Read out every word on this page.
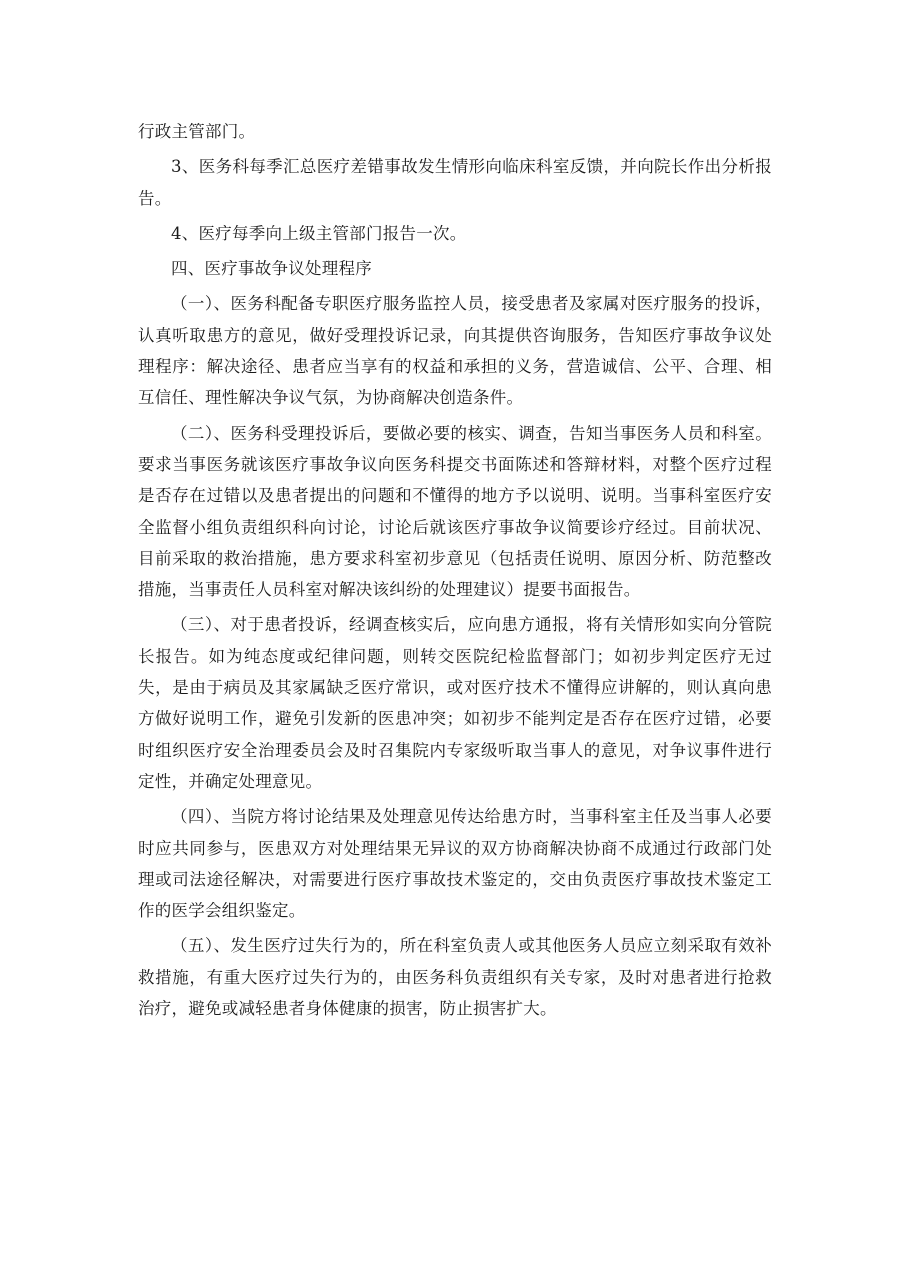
行政主管部门。

3、医务科每季汇总医疗差错事故发生情形向临床科室反馈，并向院长作出分析报告。

4、医疗每季向上级主管部门报告一次。

四、医疗事故争议处理程序

（一）、医务科配备专职医疗服务监控人员，接受患者及家属对医疗服务的投诉，认真听取患方的意见，做好受理投诉记录，向其提供咨询服务，告知医疗事故争议处理程序：解决途径、患者应当享有的权益和承担的义务，营造诚信、公平、合理、相互信任、理性解决争议气氛，为协商解决创造条件。

（二）、医务科受理投诉后，要做必要的核实、调查，告知当事医务人员和科室。要求当事医务就该医疗事故争议向医务科提交书面陈述和答辩材料，对整个医疗过程是否存在过错以及患者提出的问题和不懂得的地方予以说明、说明。当事科室医疗安全监督小组负责组织科向讨论，讨论后就该医疗事故争议简要诊疗经过。目前状况、目前采取的救治措施，患方要求科室初步意见（包括责任说明、原因分析、防范整改措施，当事责任人员科室对解决该纠纷的处理建议）提要书面报告。

（三）、对于患者投诉，经调查核实后，应向患方通报，将有关情形如实向分管院长报告。如为纯态度或纪律问题，则转交医院纪检监督部门；如初步判定医疗无过失，是由于病员及其家属缺乏医疗常识，或对医疗技术不懂得应讲解的，则认真向患方做好说明工作，避免引发新的医患冲突；如初步不能判定是否存在医疗过错，必要时组织医疗安全治理委员会及时召集院内专家级听取当事人的意见，对争议事件进行定性，并确定处理意见。

（四）、当院方将讨论结果及处理意见传达给患方时，当事科室主任及当事人必要时应共同参与，医患双方对处理结果无异议的双方协商解决协商不成通过行政部门处理或司法途径解决，对需要进行医疗事故技术鉴定的，交由负责医疗事故技术鉴定工作的医学会组织鉴定。

（五）、发生医疗过失行为的，所在科室负责人或其他医务人员应立刻采取有效补救措施，有重大医疗过失行为的，由医务科负责组织有关专家，及时对患者进行抢救治疗，避免或减轻患者身体健康的损害，防止损害扩大。
